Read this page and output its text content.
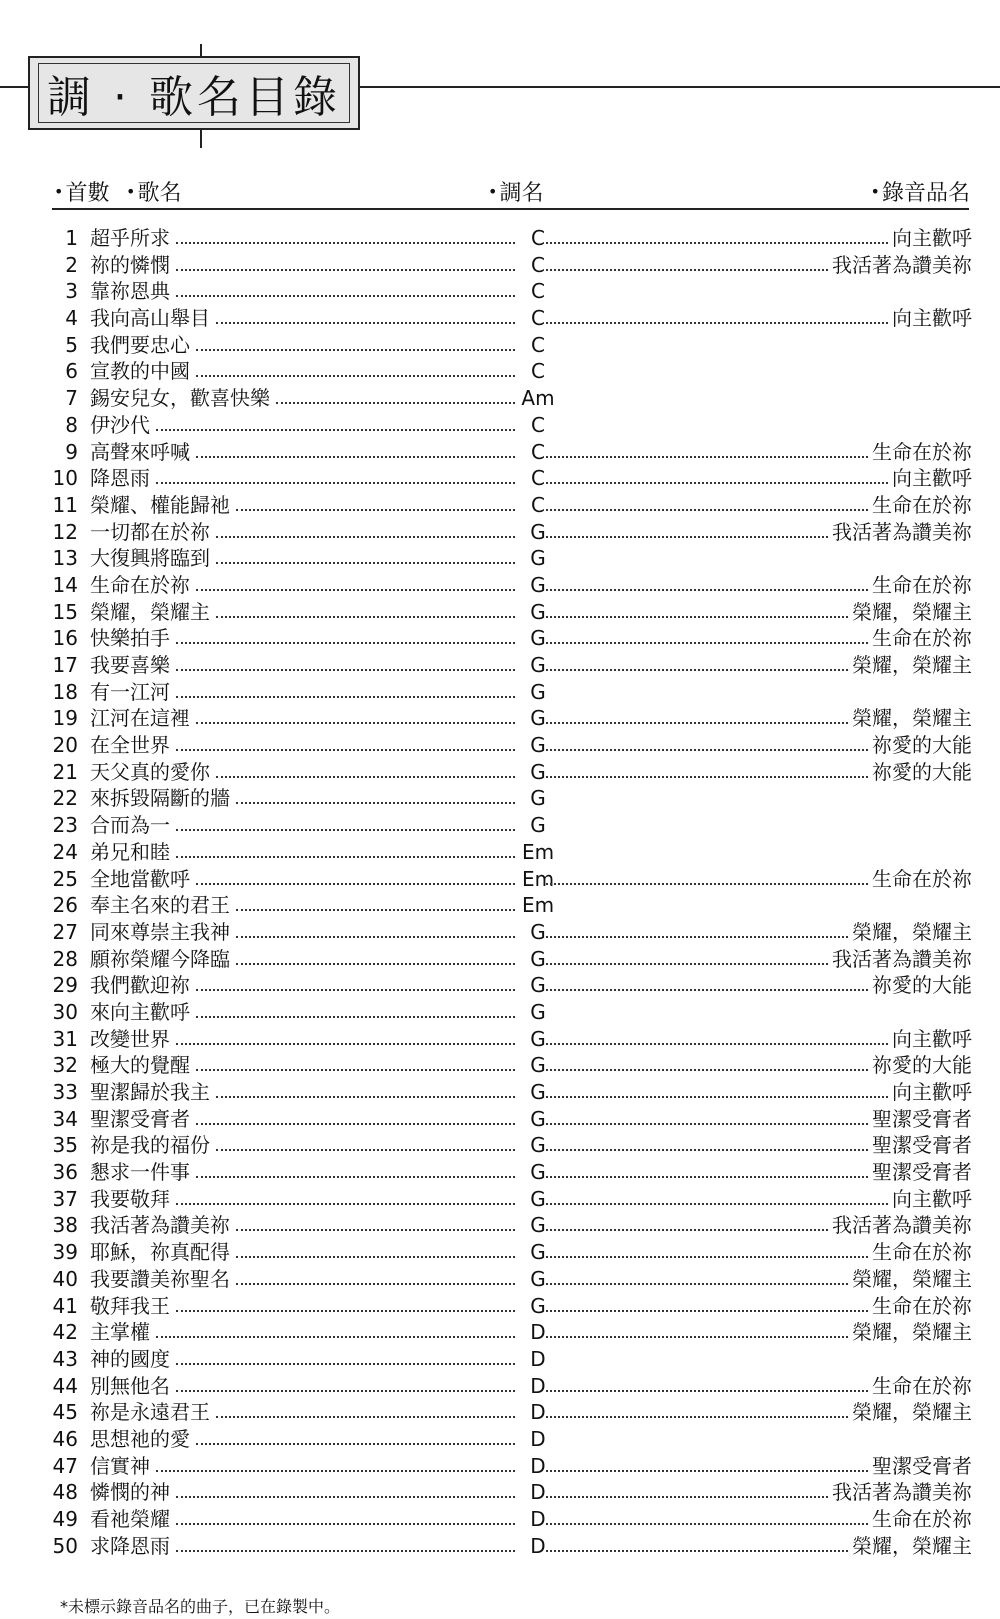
調 · 歌名目錄
•首數 •歌名	•調名	•錄音品名
1 超乎所求	C	向主歡呼
2 祢的憐憫	C	我活著為讚美祢
3 靠祢恩典	C
4 我向高山舉目	C	向主歡呼
5 我們要忠心	C
6 宣教的中國	C
7 錫安兒女，歡喜快樂	Am
8 伊沙代	C
9 高聲來呼喊	C	生命在於祢
10 降恩雨	C	向主歡呼
11 榮耀、權能歸祂	C	生命在於祢
12 一切都在於祢	G	我活著為讚美祢
13 大復興將臨到	G
14 生命在於祢	G	生命在於祢
15 榮耀，榮耀主	G	榮耀，榮耀主
16 快樂拍手	G	生命在於祢
17 我要喜樂	G	榮耀，榮耀主
18 有一江河	G
19 江河在這裡	G	榮耀，榮耀主
20 在全世界	G	祢愛的大能
21 天父真的愛你	G	祢愛的大能
22 來拆毀隔斷的牆	G
23 合而為一	G
24 弟兄和睦	Em
25 全地當歡呼	Em	生命在於祢
26 奉主名來的君王	Em
27 同來尊崇主我神	G	榮耀，榮耀主
28 願祢榮耀今降臨	G	我活著為讚美祢
29 我們歡迎祢	G	祢愛的大能
30 來向主歡呼	G
31 改變世界	G	向主歡呼
32 極大的覺醒	G	祢愛的大能
33 聖潔歸於我主	G	向主歡呼
34 聖潔受膏者	G	聖潔受膏者
35 祢是我的福份	G	聖潔受膏者
36 懇求一件事	G	聖潔受膏者
37 我要敬拜	G	向主歡呼
38 我活著為讚美祢	G	我活著為讚美祢
39 耶穌，祢真配得	G	生命在於祢
40 我要讚美祢聖名	G	榮耀，榮耀主
41 敬拜我王	G	生命在於祢
42 主掌權	D	榮耀，榮耀主
43 神的國度	D
44 別無他名	D	生命在於祢
45 祢是永遠君王	D	榮耀，榮耀主
46 思想祂的愛	D
47 信實神	D	聖潔受膏者
48 憐憫的神	D	我活著為讚美祢
49 看祂榮耀	D	生命在於祢
50 求降恩雨	D	榮耀，榮耀主
*未標示錄音品名的曲子，已在錄製中。
